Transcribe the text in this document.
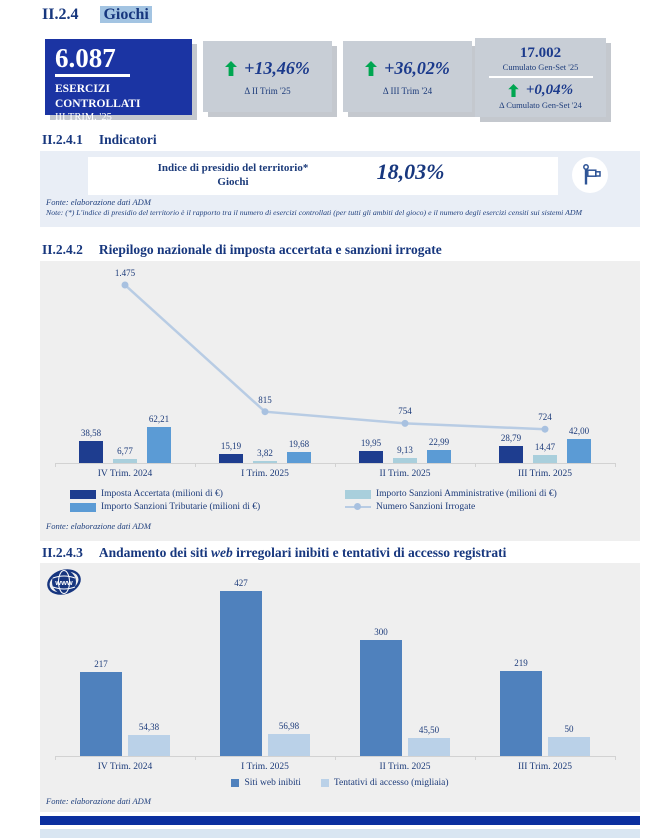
II.2.4 Giochi
6.087
ESERCIZI
CONTROLLATI
III TRIM. '25
+13,46%
Δ II Trim '25
+36,02%
Δ III Trim '24
17.002
Cumulato Gen-Set '25
+0,04%
Δ Cumulato Gen-Set '24
II.2.4.1 Indicatori
Indice di presidio del territorio*
Giochi	18,03%
Fonte: elaborazione dati ADM
Note: (*) L'indice di presidio del territorio è il rapporto tra il numero di esercizi controllati (per tutti gli ambiti del gioco) e il numero degli esercizi censiti sui sistemi ADM
II.2.4.2 Riepilogo nazionale di imposta accertata e sanzioni irrogate
IV Trim. 2024	I Trim. 2025	II Trim. 2025	III Trim. 2025
38,58
15,19	19,95
28,79
6,77	3,82	9,13	14,47
62,21
19,68	22,99
42,00
1.475
815
754
724
Imposta Accertata (milioni di €)	Importo Sanzioni Amministrative (milioni di €)
Importo Sanzioni Tributarie (milioni di €)	Numero Sanzioni Irrogate
Fonte: elaborazione dati ADM
II.2.4.3 Andamento dei siti web irregolari inibiti e tentativi di accesso registrati
www
IV Trim. 2024	I Trim. 2025	II Trim. 2025	III Trim. 2025
217
427
300
219
54,38	56,98	45,50	50
Siti web inibiti	Tentativi di accesso (migliaia)
Fonte: elaborazione dati ADM
